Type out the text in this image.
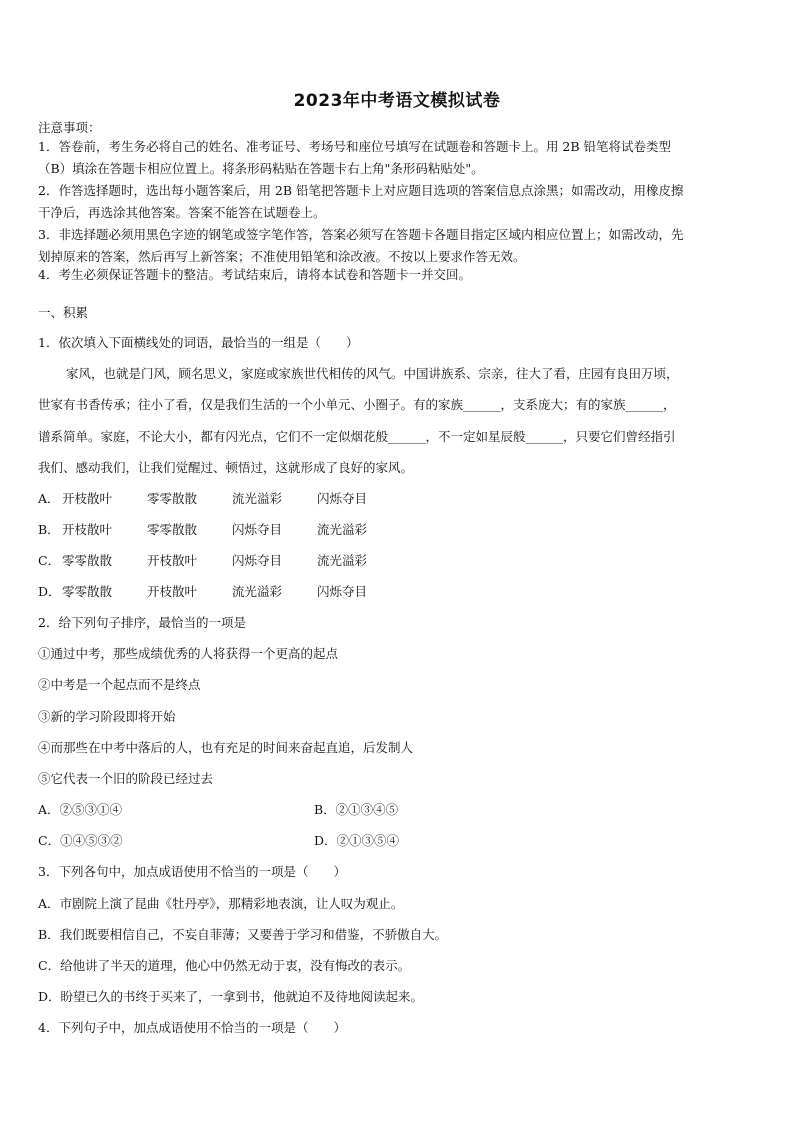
2023年中考语文模拟试卷
注意事项：
1．答卷前，考生务必将自己的姓名、准考证号、考场号和座位号填写在试题卷和答题卡上。用 2B 铅笔将试卷类型
（B）填涂在答题卡相应位置上。将条形码粘贴在答题卡右上角"条形码粘贴处"。
2．作答选择题时，选出每小题答案后，用 2B 铅笔把答题卡上对应题目选项的答案信息点涂黑；如需改动，用橡皮擦
干净后，再选涂其他答案。答案不能答在试题卷上。
3．非选择题必须用黑色字迹的钢笔或签字笔作答，答案必须写在答题卡各题目指定区域内相应位置上；如需改动，先
划掉原来的答案，然后再写上新答案；不准使用铅笔和涂改液。不按以上要求作答无效。
4．考生必须保证答题卡的整洁。考试结束后，请将本试卷和答题卡一并交回。
一、积累
1．依次填入下面横线处的词语，最恰当的一组是（　　）
家风，也就是门风，顾名思义，家庭或家族世代相传的风气。中国讲族系、宗亲，往大了看，庄园有良田万顷，
世家有书香传承；往小了看，仅是我们生活的一个小单元、小圈子。有的家族______，支系庞大；有的家族______，
谱系简单。家庭，不论大小，都有闪光点，它们不一定似烟花般______，不一定如星辰般______，只要它们曾经指引
我们、感动我们，让我们觉醒过、顿悟过，这就形成了良好的家风。
A． 开枝散叶	零零散散	流光溢彩	闪烁夺目
B． 开枝散叶	零零散散	闪烁夺目	流光溢彩
C． 零零散散	开枝散叶	闪烁夺目	流光溢彩
D．零零散散	开枝散叶	流光溢彩	闪烁夺目
2．给下列句子排序，最恰当的一项是
①通过中考，那些成绩优秀的人将获得一个更高的起点
②中考是一个起点而不是终点
③新的学习阶段即将开始
④而那些在中考中落后的人，也有充足的时间来奋起直追，后发制人
⑤它代表一个旧的阶段已经过去
A．②⑤③①④	B．②①③④⑤
C．①④⑤③②	D．②①③⑤④
3．下列各句中，加点成语使用不恰当的一项是（　　）
A．市剧院上演了昆曲《牡丹亭》，那精彩地表演，让人叹为观止。
B．我们既要相信自己，不妄自菲薄；又要善于学习和借鉴，不骄傲自大。
C．给他讲了半天的道理，他心中仍然无动于衷，没有悔改的表示。
D．盼望已久的书终于买来了，一拿到书，他就迫不及待地阅读起来。
4．下列句子中，加点成语使用不恰当的一项是（　　）
